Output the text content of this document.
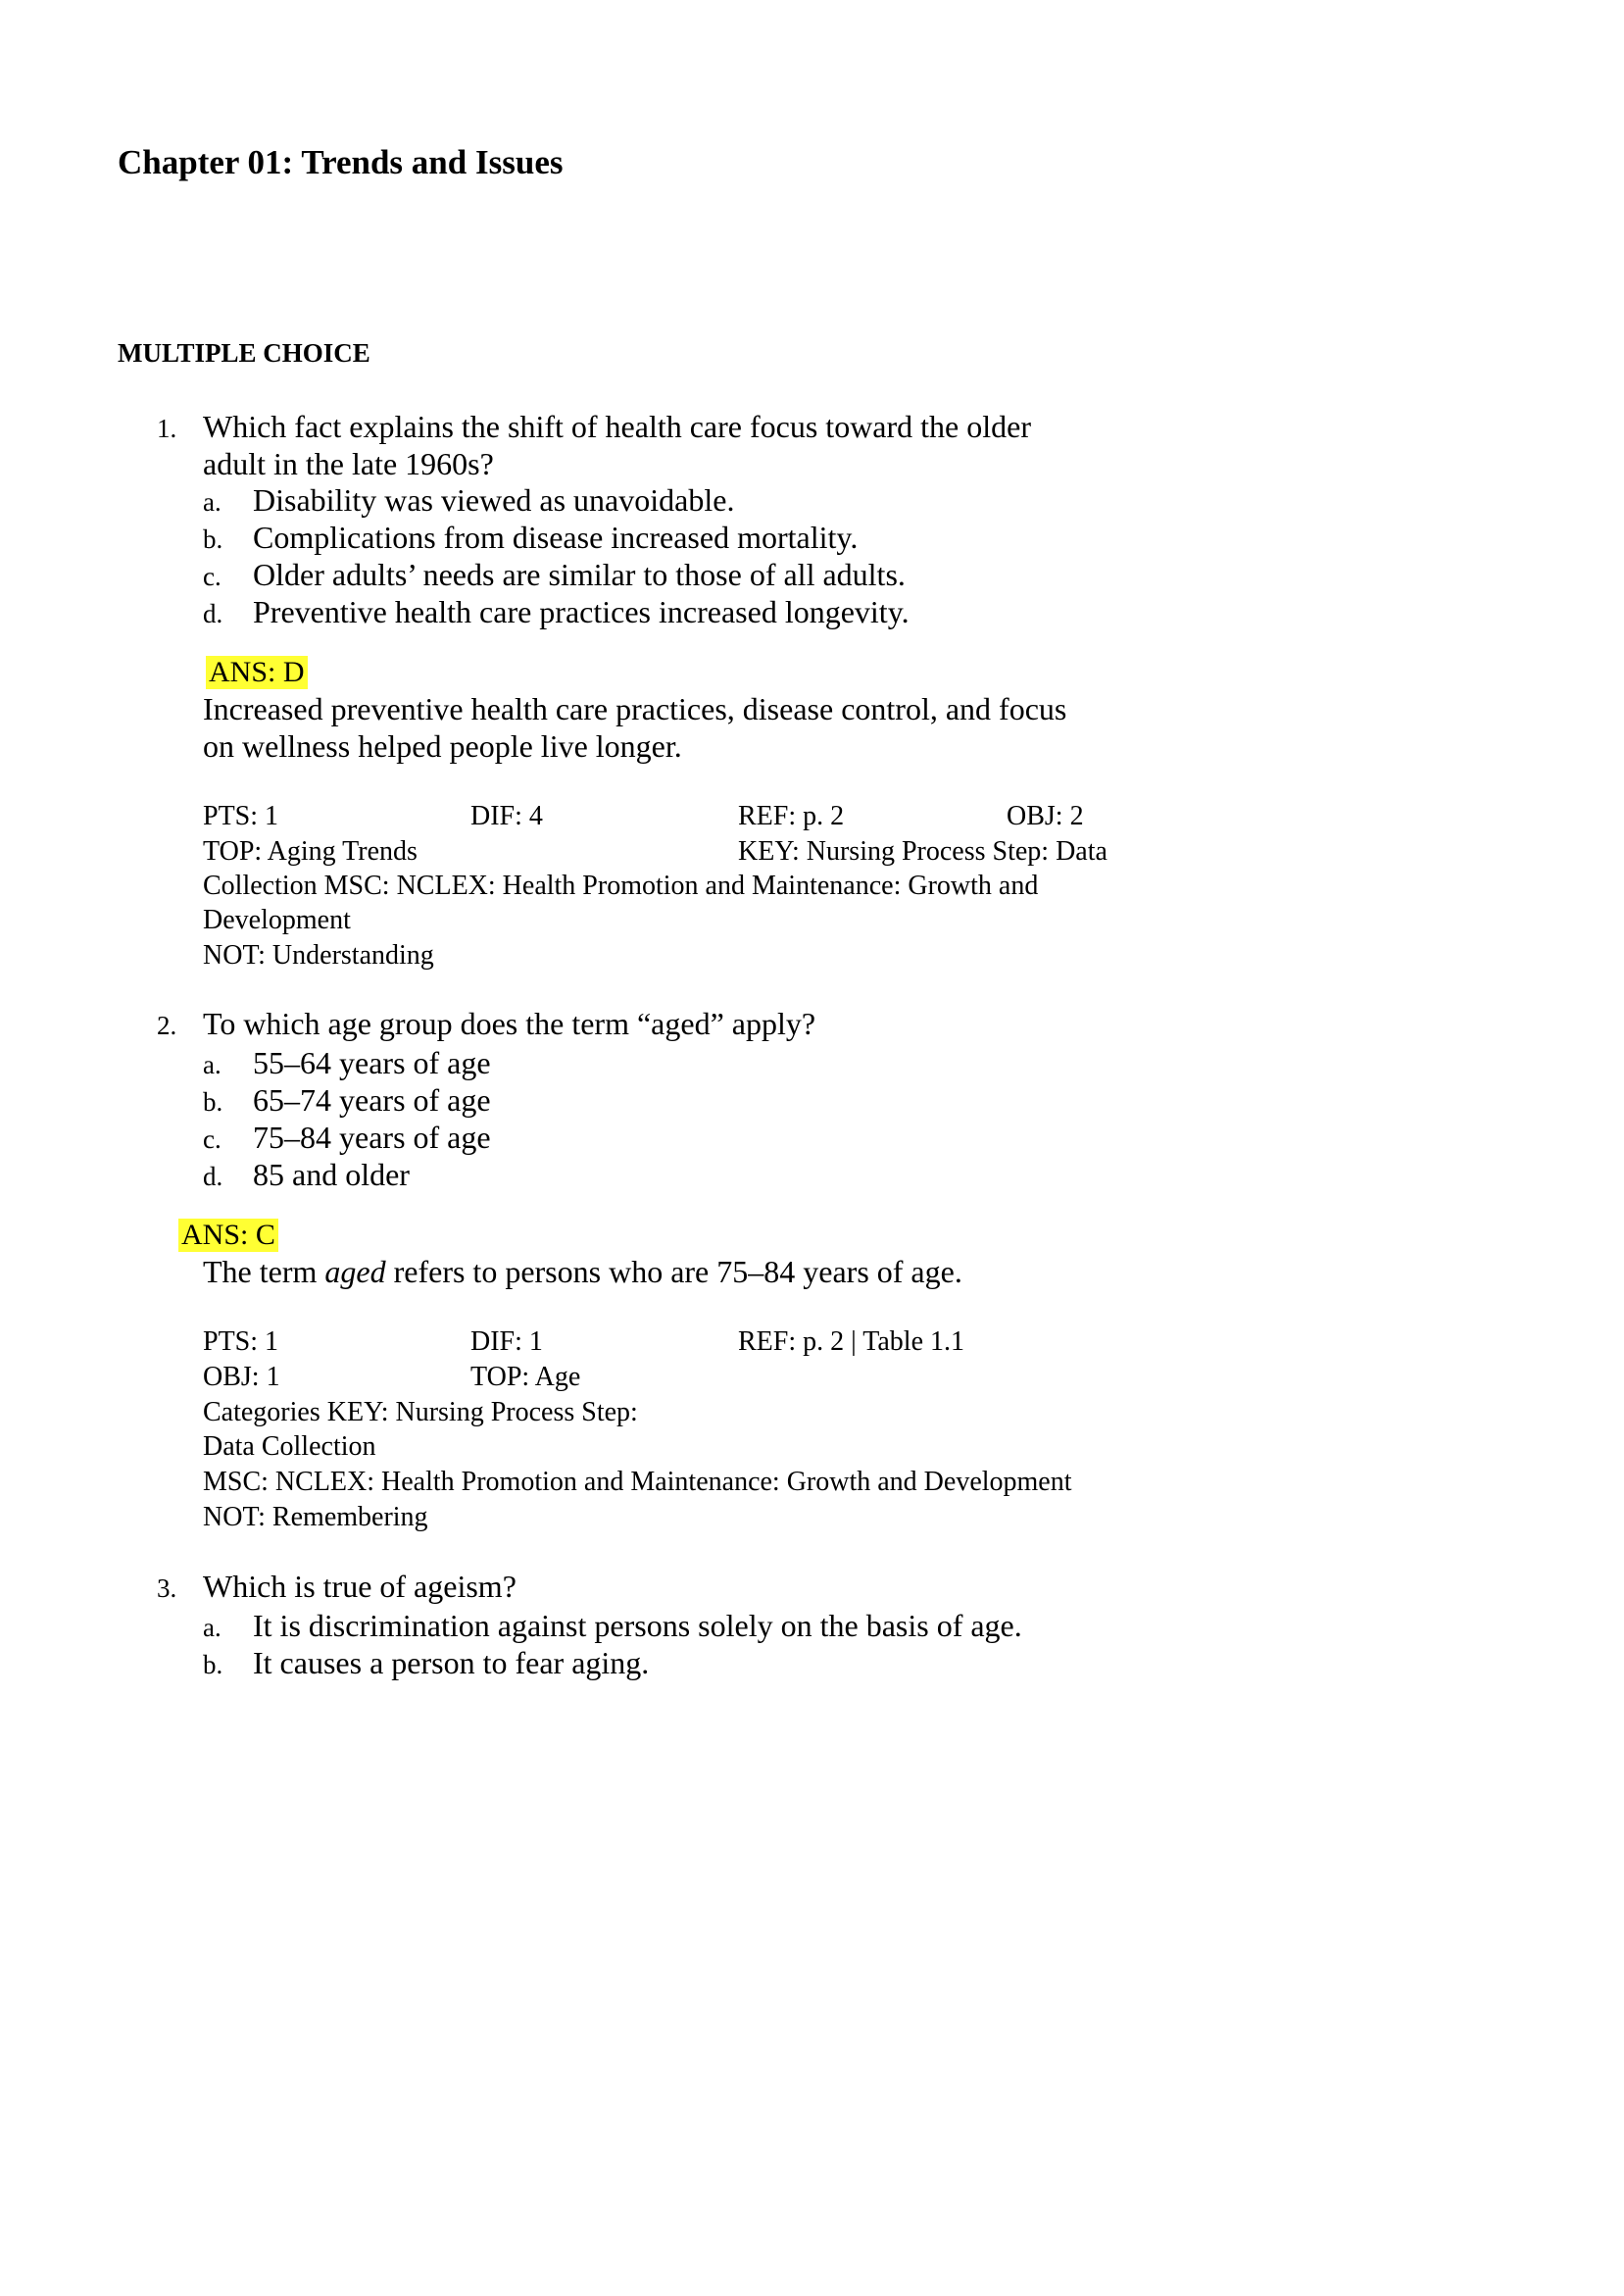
Chapter 01: Trends and Issues
MULTIPLE CHOICE
1. Which fact explains the shift of health care focus toward the older
adult in the late 1960s?
a. Disability was viewed as unavoidable.
b. Complications from disease increased mortality.
c. Older adults’ needs are similar to those of all adults.
d. Preventive health care practices increased longevity.
ANS: D
Increased preventive health care practices, disease control, and focus
on wellness helped people live longer.
PTS: 1	DIF: 4	REF: p. 2	OBJ: 2
TOP: Aging Trends	KEY: Nursing Process Step: Data
Collection MSC: NCLEX: Health Promotion and Maintenance: Growth and
Development
NOT: Understanding
2. To which age group does the term “aged” apply?
a. 55–64 years of age
b. 65–74 years of age
c. 75–84 years of age
d. 85 and older
ANS: C
The term aged refers to persons who are 75–84 years of age.
PTS: 1	DIF: 1	REF: p. 2 | Table 1.1
OBJ: 1	TOP: Age
Categories KEY: Nursing Process Step:
Data Collection
MSC: NCLEX: Health Promotion and Maintenance: Growth and Development
NOT: Remembering
3. Which is true of ageism?
a. It is discrimination against persons solely on the basis of age.
b. It causes a person to fear aging.
